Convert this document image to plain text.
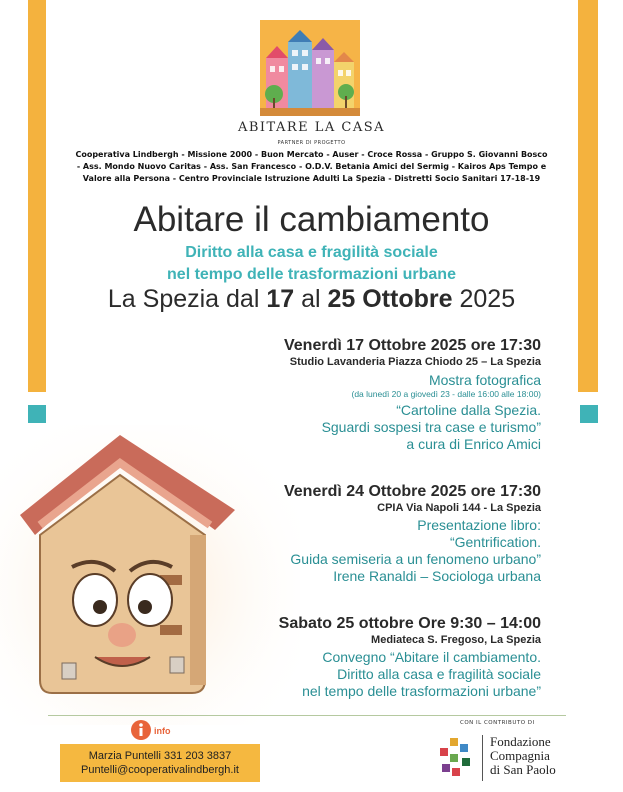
ABITARE LA CASA
PARTNER DI PROGETTO
Cooperativa Lindbergh - Missione 2000 - Buon Mercato - Auser - Croce Rossa - Gruppo S. Giovanni Bosco
- Ass. Mondo Nuovo Caritas - Ass. San Francesco - O.D.V. Betania Amici del Sermig - Kairos Aps Tempo e
Valore alla Persona - Centro Provinciale Istruzione Adulti La Spezia - Distretti Socio Sanitari 17-18-19
Abitare il cambiamento
Diritto alla casa e fragilità sociale
nel tempo delle trasformazioni urbane
La Spezia dal 17 al 25 Ottobre 2025
Venerdì 17 Ottobre 2025 ore 17:30
Studio Lavanderia Piazza Chiodo 25 – La Spezia
Mostra fotografica
(da lunedì 20 a giovedì 23 - dalle 16:00 alle 18:00)
“Cartoline dalla Spezia.
Sguardi sospesi tra case e turismo”
a cura di Enrico Amici
Venerdì 24 Ottobre 2025 ore 17:30
CPIA Via Napoli 144 - La Spezia
Presentazione libro:
“Gentrification.
Guida semiseria a un fenomeno urbano”
Irene Ranaldi – Sociologa urbana
Sabato 25 ottobre Ore 9:30 – 14:00
Mediateca S. Fregoso, La Spezia
Convegno “Abitare il cambiamento.
Diritto alla casa e fragilità sociale
nel tempo delle trasformazioni urbane”
info
Marzia Puntelli 331 203 3837
Puntelli@cooperativalindbergh.it
CON IL CONTRIBUTO DI
Fondazione
Compagnia
di San Paolo
